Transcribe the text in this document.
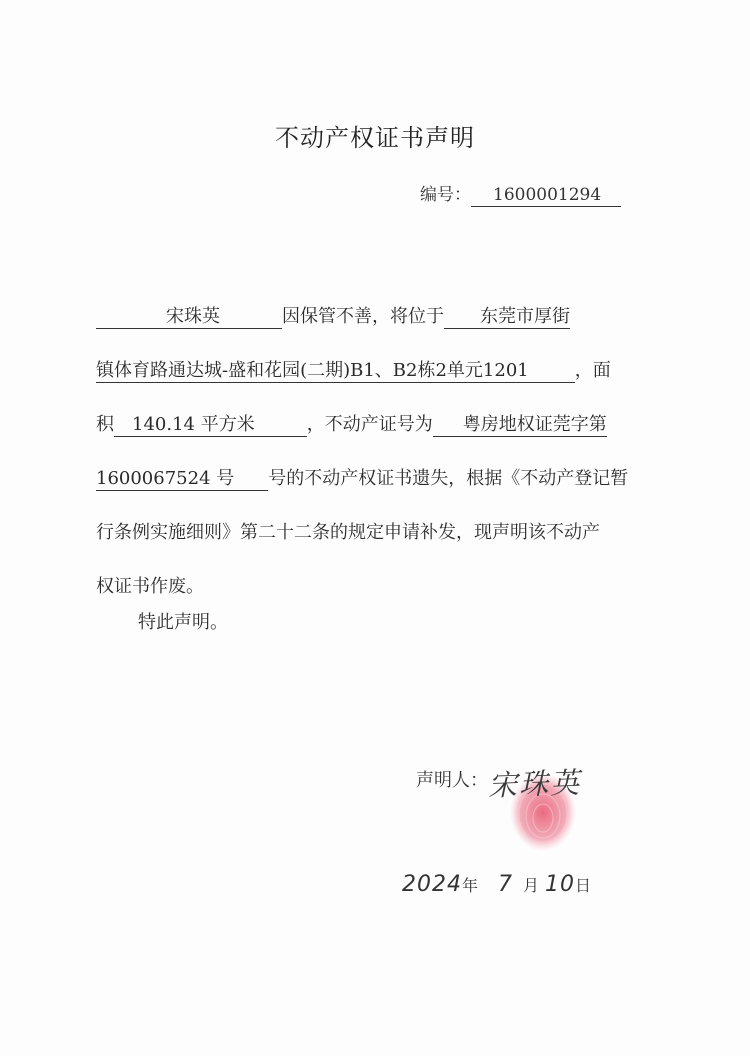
不动产权证书声明
编号： 1600001294
宋珠英	因保管不善，将位于 东莞市厚街
镇体育路通达城-盛和花园(二期)B1、B2栋2单元1201	，面
积 140.14 平方米	，不动产证号为 粤房地权证莞字第
1600067524 号 号的不动产权证书遗失，根据《不动产登记暂
行条例实施细则》第二十二条的规定申请补发，现声明该不动产
权证书作废。
特此声明。
声明人： 宋珠英
2024年 7 月 10日
